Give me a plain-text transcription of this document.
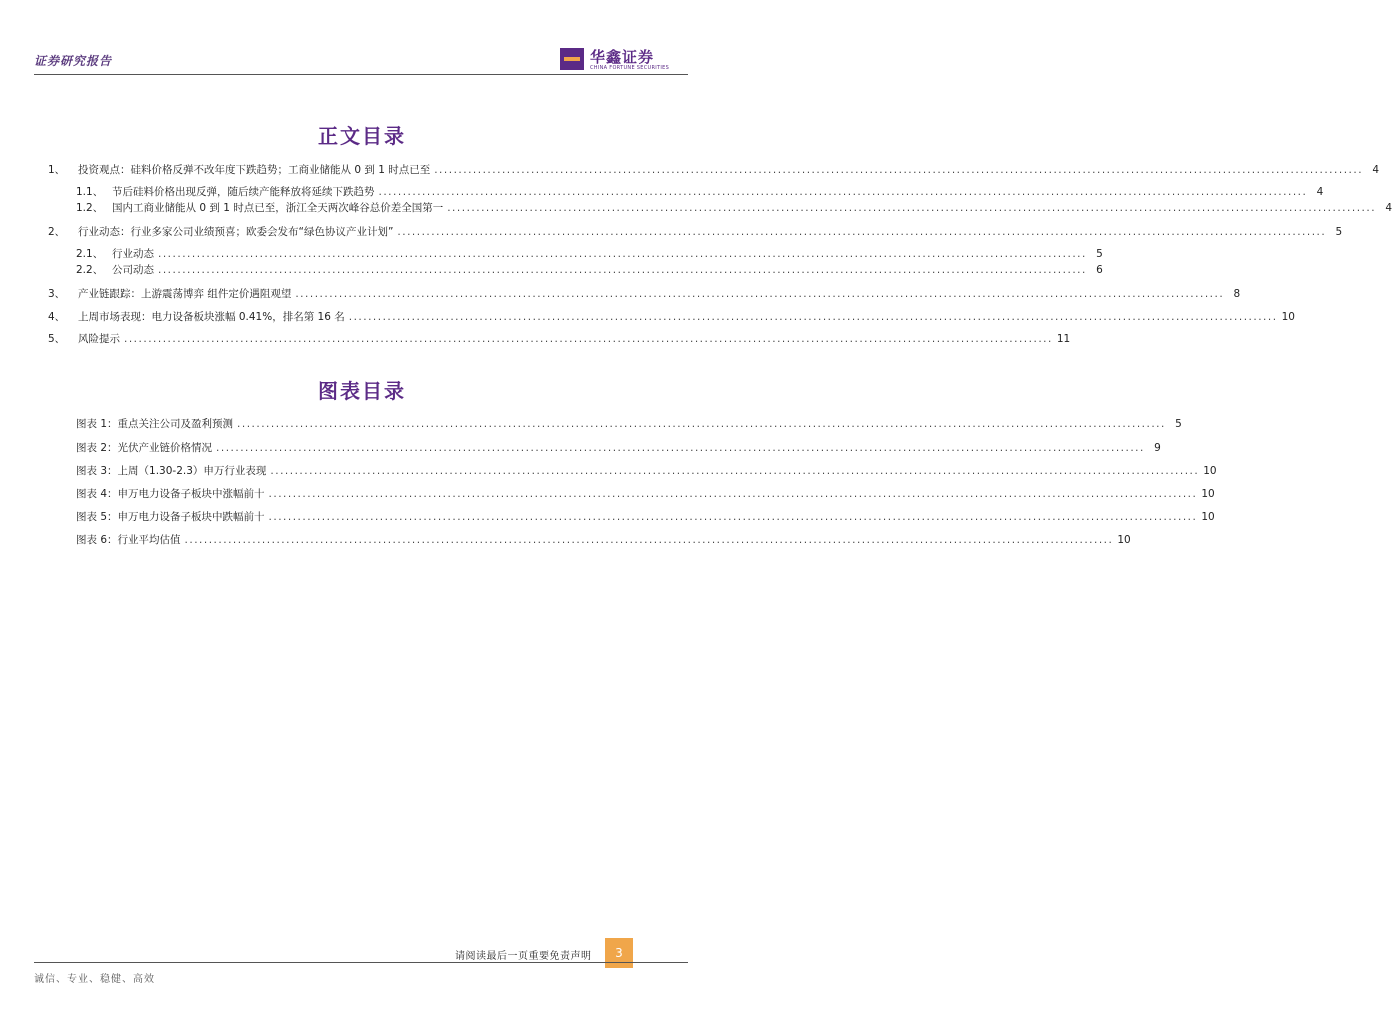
证券研究报告	华鑫证券
CHINA FORTUNE SECURITIES
正文目录
1、	投资观点：硅料价格反弹不改年度下跌趋势；工商业储能从 0 到 1 时点已至 .....	4
1.1、 节后硅料价格出现反弹，随后续产能释放将延续下跌趋势 .....	4
1.2、 国内工商业储能从 0 到 1 时点已至，浙江全天两次峰谷总价差全国第一 .....	4
2、	行业动态：行业多家公司业绩预喜；欧委会发布“绿色协议产业计划” .....	5
2.1、 行业动态 .....	5
2.2、 公司动态 .....	6
3、	产业链跟踪：上游震荡博弈 组件定价遇阻观望 .....	8
4、	上周市场表现：电力设备板块涨幅 0.41%，排名第 16 名 .....	10
5、	风险提示 .....	11
图表目录
图表 1： 重点关注公司及盈利预测 .....	5
图表 2： 光伏产业链价格情况 .....	9
图表 3： 上周（1.30-2.3）申万行业表现 .....	10
图表 4： 申万电力设备子板块中涨幅前十 .....	10
图表 5： 申万电力设备子板块中跌幅前十 .....	10
图表 6： 行业平均估值 .....	10
请阅读最后一页重要免责声明	3
诚信、专业、稳健、高效
